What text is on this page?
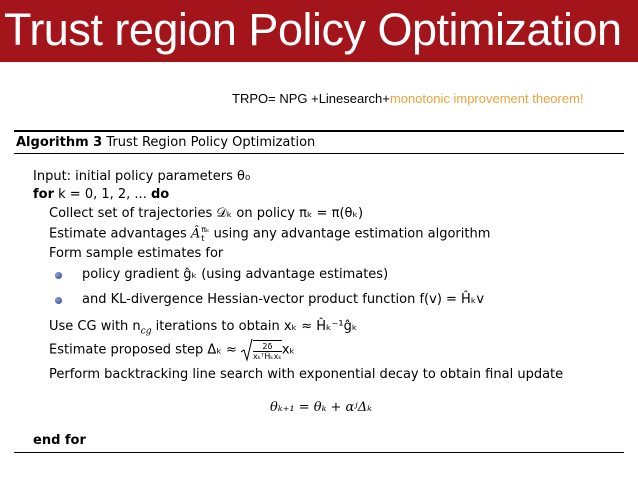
Trust region Policy Optimization
TRPO= NPG +Linesearch+monotonic improvement theorem!
Algorithm 3 Trust Region Policy Optimization
Input: initial policy parameters θ₀
for k = 0, 1, 2, ... do
Collect set of trajectories 𝒟ₖ on policy πₖ = π(θₖ)
Estimate advantages Â πₖ
t using any advantage estimation algorithm
Form sample estimates for
policy gradient ĝₖ (using advantage estimates)
and KL-divergence Hessian-vector product function f(v) = Ĥₖv
Use CG with $n_{cg}$ iterations to obtain xₖ ≈ Ĥₖ⁻¹ĝₖ
Estimate proposed step $\Delta_k \approx \frac{2\delta}{\text{xₖᵀĤₖxₖ}}$ xₖ
Perform backtracking line search with exponential decay to obtain final update
θₖ₊₁ = θₖ + αʲΔₖ
end for
